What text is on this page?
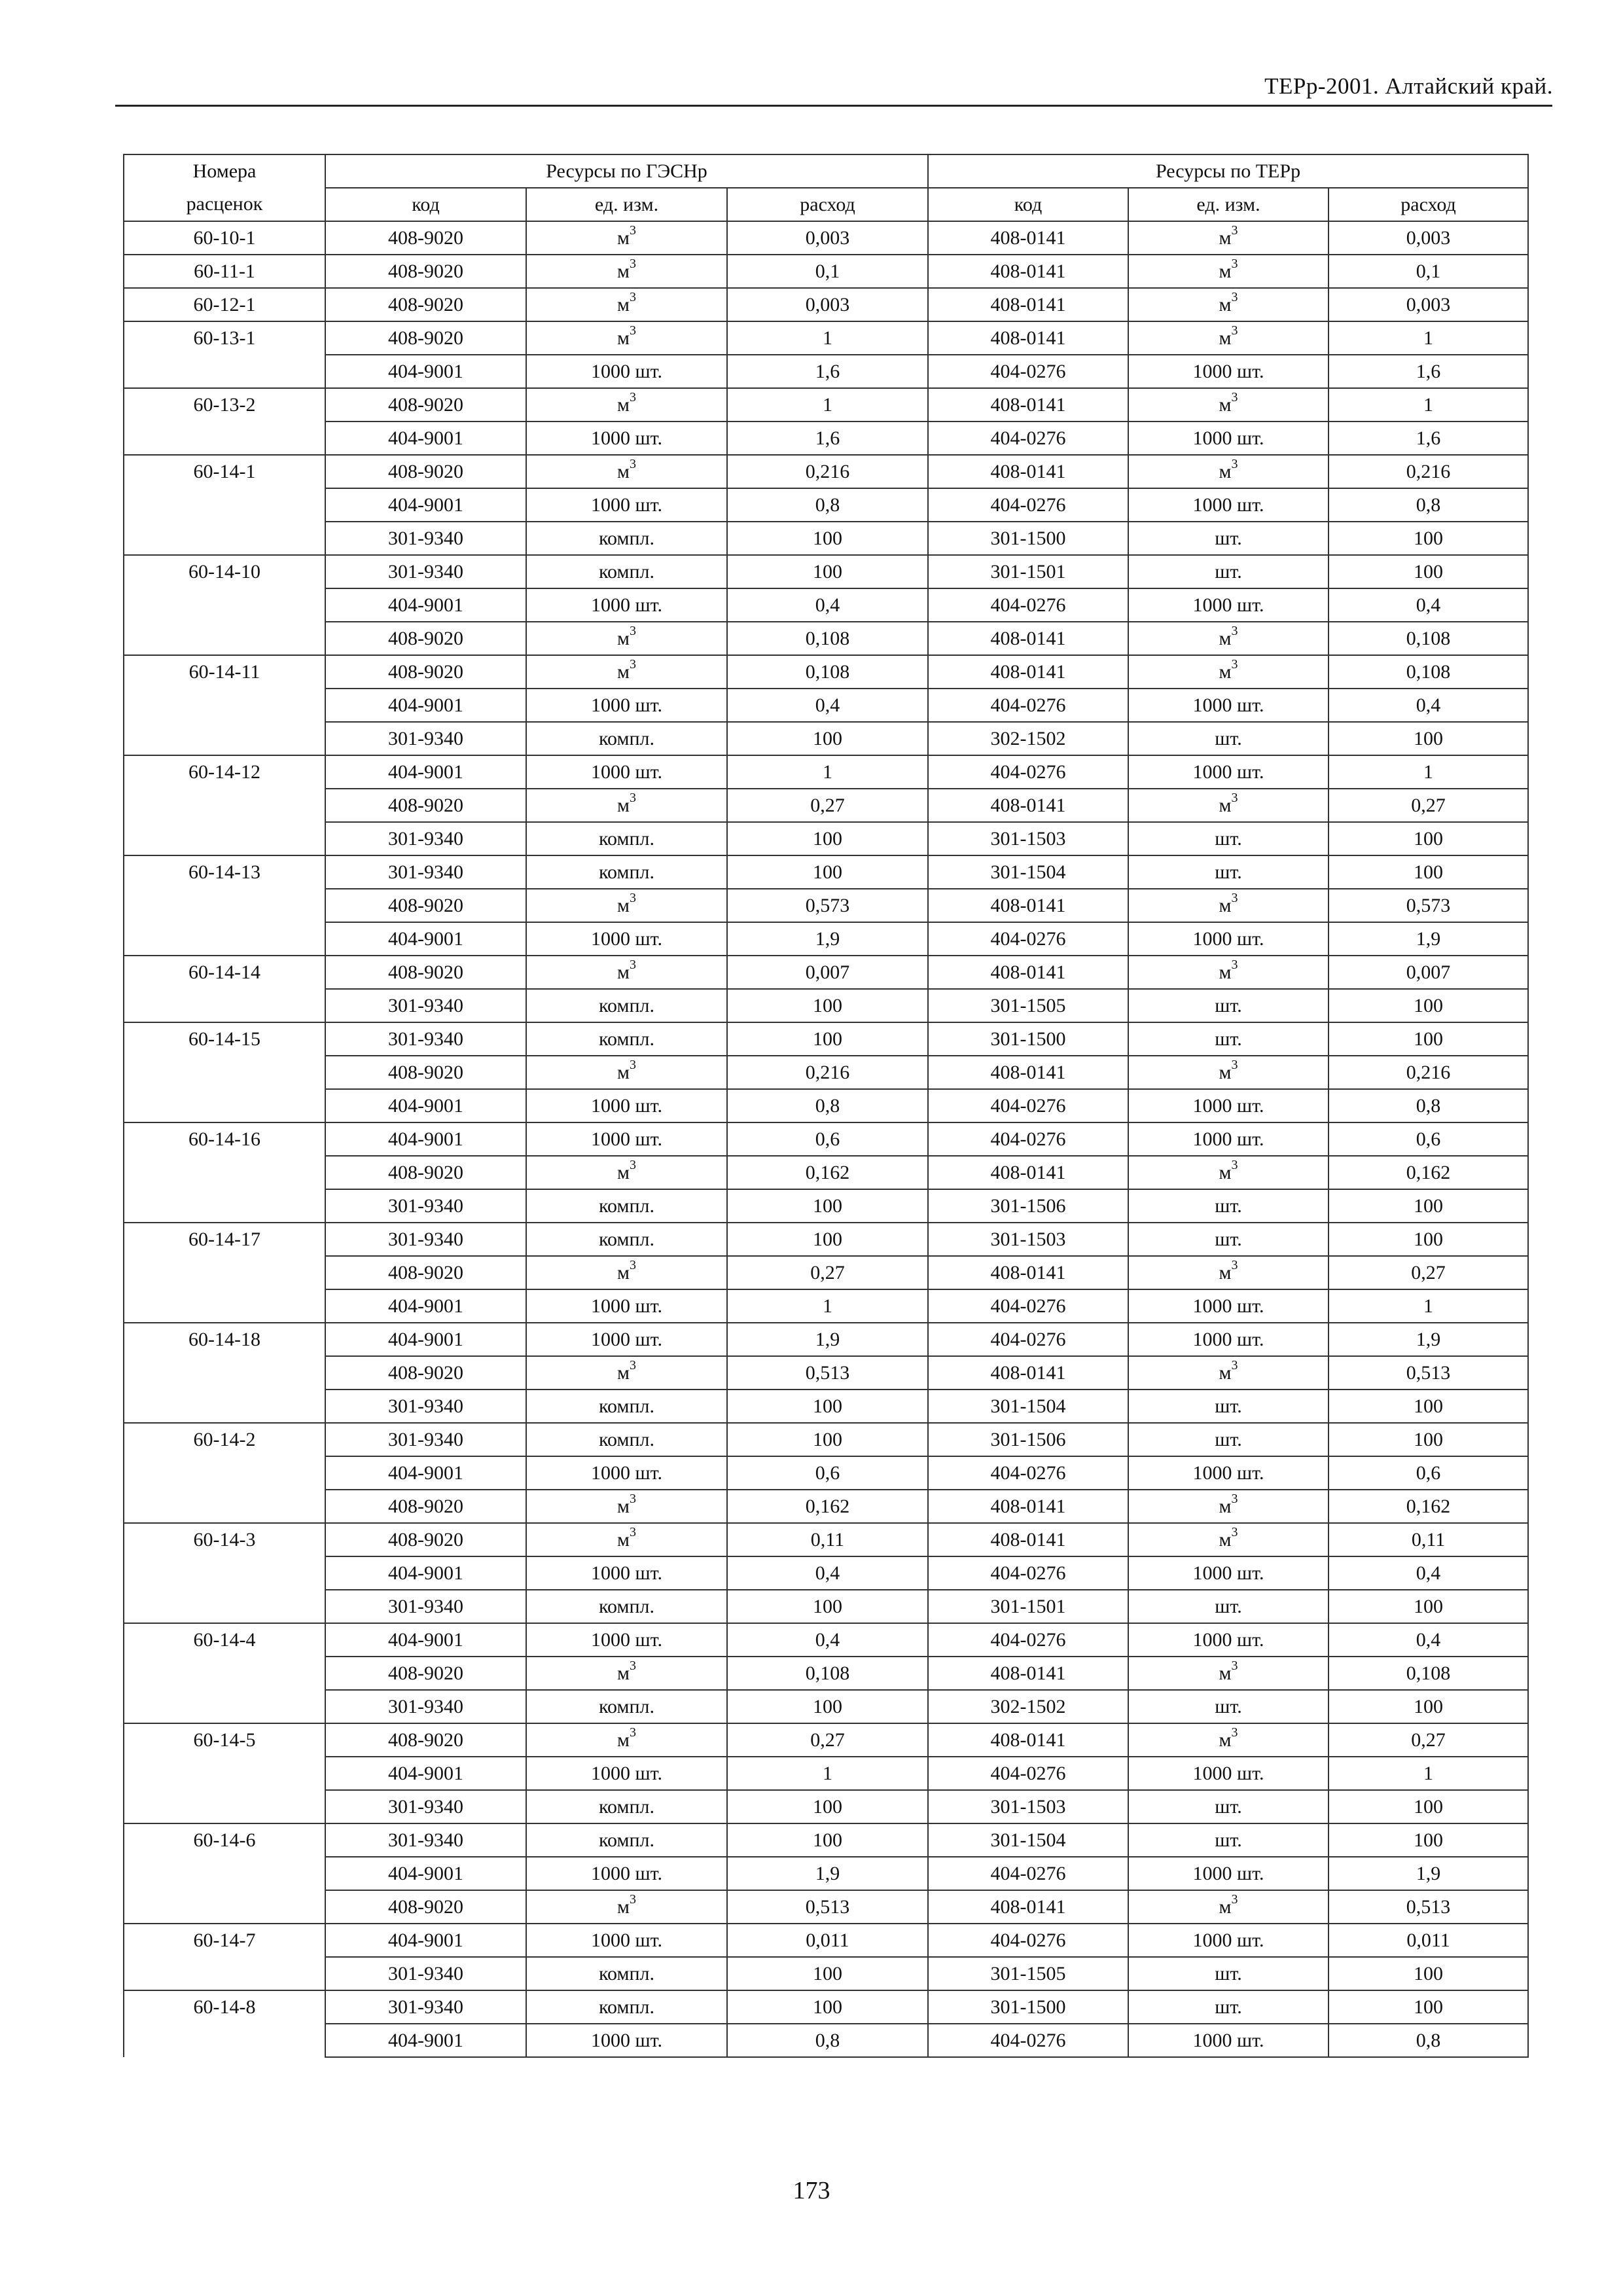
ТЕРр-2001. Алтайский край.
Номера	Ресурсы по ГЭСНр			Ресурсы по ТЕРр		
расценок	код	ед. изм.	расход	код	ед. изм.	расход
60-10-1	408-9020	$м^3$	0,003	408-0141	$м^3$	0,003
60-11-1	408-9020	$м^3$	0,1	408-0141	$м^3$	0,1
60-12-1	408-9020	$м^3$	0,003	408-0141	$м^3$	0,003
60-13-1	408-9020	$м^3$	1	408-0141	$м^3$	1
	404-9001	1000 шт.	1,6	404-0276	1000 шт.	1,6
60-13-2	408-9020	$м^3$	1	408-0141	$м^3$	1
	404-9001	1000 шт.	1,6	404-0276	1000 шт.	1,6
60-14-1	408-9020	$м^3$	0,216	408-0141	$м^3$	0,216
	404-9001	1000 шт.	0,8	404-0276	1000 шт.	0,8
	301-9340	компл.	100	301-1500	шт.	100
60-14-10	301-9340	компл.	100	301-1501	шт.	100
	404-9001	1000 шт.	0,4	404-0276	1000 шт.	0,4
	408-9020	$м^3$	0,108	408-0141	$м^3$	0,108
60-14-11	408-9020	$м^3$	0,108	408-0141	$м^3$	0,108
	404-9001	1000 шт.	0,4	404-0276	1000 шт.	0,4
	301-9340	компл.	100	302-1502	шт.	100
60-14-12	404-9001	1000 шт.	1	404-0276	1000 шт.	1
	408-9020	$м^3$	0,27	408-0141	$м^3$	0,27
	301-9340	компл.	100	301-1503	шт.	100
60-14-13	301-9340	компл.	100	301-1504	шт.	100
	408-9020	$м^3$	0,573	408-0141	$м^3$	0,573
	404-9001	1000 шт.	1,9	404-0276	1000 шт.	1,9
60-14-14	408-9020	$м^3$	0,007	408-0141	$м^3$	0,007
	301-9340	компл.	100	301-1505	шт.	100
60-14-15	301-9340	компл.	100	301-1500	шт.	100
	408-9020	$м^3$	0,216	408-0141	$м^3$	0,216
	404-9001	1000 шт.	0,8	404-0276	1000 шт.	0,8
60-14-16	404-9001	1000 шт.	0,6	404-0276	1000 шт.	0,6
	408-9020	$м^3$	0,162	408-0141	$м^3$	0,162
	301-9340	компл.	100	301-1506	шт.	100
60-14-17	301-9340	компл.	100	301-1503	шт.	100
	408-9020	$м^3$	0,27	408-0141	$м^3$	0,27
	404-9001	1000 шт.	1	404-0276	1000 шт.	1
60-14-18	404-9001	1000 шт.	1,9	404-0276	1000 шт.	1,9
	408-9020	$м^3$	0,513	408-0141	$м^3$	0,513
	301-9340	компл.	100	301-1504	шт.	100
60-14-2	301-9340	компл.	100	301-1506	шт.	100
	404-9001	1000 шт.	0,6	404-0276	1000 шт.	0,6
	408-9020	$м^3$	0,162	408-0141	$м^3$	0,162
60-14-3	408-9020	$м^3$	0,11	408-0141	$м^3$	0,11
	404-9001	1000 шт.	0,4	404-0276	1000 шт.	0,4
	301-9340	компл.	100	301-1501	шт.	100
60-14-4	404-9001	1000 шт.	0,4	404-0276	1000 шт.	0,4
	408-9020	$м^3$	0,108	408-0141	$м^3$	0,108
	301-9340	компл.	100	302-1502	шт.	100
60-14-5	408-9020	$м^3$	0,27	408-0141	$м^3$	0,27
	404-9001	1000 шт.	1	404-0276	1000 шт.	1
	301-9340	компл.	100	301-1503	шт.	100
60-14-6	301-9340	компл.	100	301-1504	шт.	100
	404-9001	1000 шт.	1,9	404-0276	1000 шт.	1,9
	408-9020	$м^3$	0,513	408-0141	$м^3$	0,513
60-14-7	404-9001	1000 шт.	0,011	404-0276	1000 шт.	0,011
	301-9340	компл.	100	301-1505	шт.	100
60-14-8	301-9340	компл.	100	301-1500	шт.	100
	404-9001	1000 шт.	0,8	404-0276	1000 шт.	0,8
173
